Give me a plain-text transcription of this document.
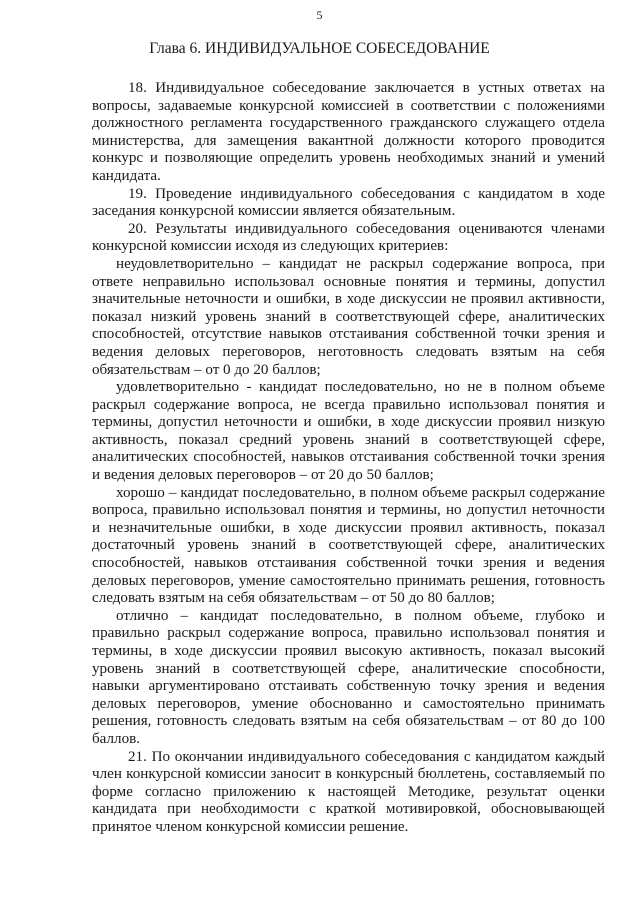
5
Глава 6. ИНДИВИДУАЛЬНОЕ СОБЕСЕДОВАНИЕ

18. Индивидуальное собеседование заключается в устных ответах на вопросы, задаваемые конкурсной комиссией в соответствии с положениями должностного регламента государственного гражданского служащего отдела министерства, для замещения вакантной должности которого проводится конкурс и позволяющие определить уровень необходимых знаний и умений кандидата.

19. Проведение индивидуального собеседования с кандидатом в ходе заседания конкурсной комиссии является обязательным.

20. Результаты индивидуального собеседования оцениваются членами конкурсной комиссии исходя из следующих критериев:

неудовлетворительно – кандидат не раскрыл содержание вопроса, при ответе неправильно использовал основные понятия и термины, допустил значительные неточности и ошибки, в ходе дискуссии не проявил активности, показал низкий уровень знаний в соответствующей сфере, аналитических способностей, отсутствие навыков отстаивания собственной точки зрения и ведения деловых переговоров, неготовность следовать взятым на себя обязательствам – от 0 до 20 баллов;

удовлетворительно - кандидат последовательно, но не в полном объеме раскрыл содержание вопроса, не всегда правильно использовал понятия и термины, допустил неточности и ошибки, в ходе дискуссии проявил низкую активность, показал средний уровень знаний в соответствующей сфере, аналитических способностей, навыков отстаивания собственной точки зрения и ведения деловых переговоров – от 20 до 50 баллов;

хорошо – кандидат последовательно, в полном объеме раскрыл содержание вопроса, правильно использовал понятия и термины, но допустил неточности и незначительные ошибки, в ходе дискуссии проявил активность, показал достаточный уровень знаний в соответствующей сфере, аналитических способностей, навыков отстаивания собственной точки зрения и ведения деловых переговоров, умение самостоятельно принимать решения, готовность следовать взятым на себя обязательствам – от 50 до 80 баллов;

отлично – кандидат последовательно, в полном объеме, глубоко и правильно раскрыл содержание вопроса, правильно использовал понятия и термины, в ходе дискуссии проявил высокую активность, показал высокий уровень знаний в соответствующей сфере, аналитические способности, навыки аргументировано отстаивать собственную точку зрения и ведения деловых переговоров, умение обоснованно и самостоятельно принимать решения, готовность следовать взятым на себя обязательствам – от 80 до 100 баллов.

21. По окончании индивидуального собеседования с кандидатом каждый член конкурсной комиссии заносит в конкурсный бюллетень, составляемый по форме согласно приложению к настоящей Методике, результат оценки кандидата при необходимости с краткой мотивировкой, обосновывающей принятое членом конкурсной комиссии решение.
